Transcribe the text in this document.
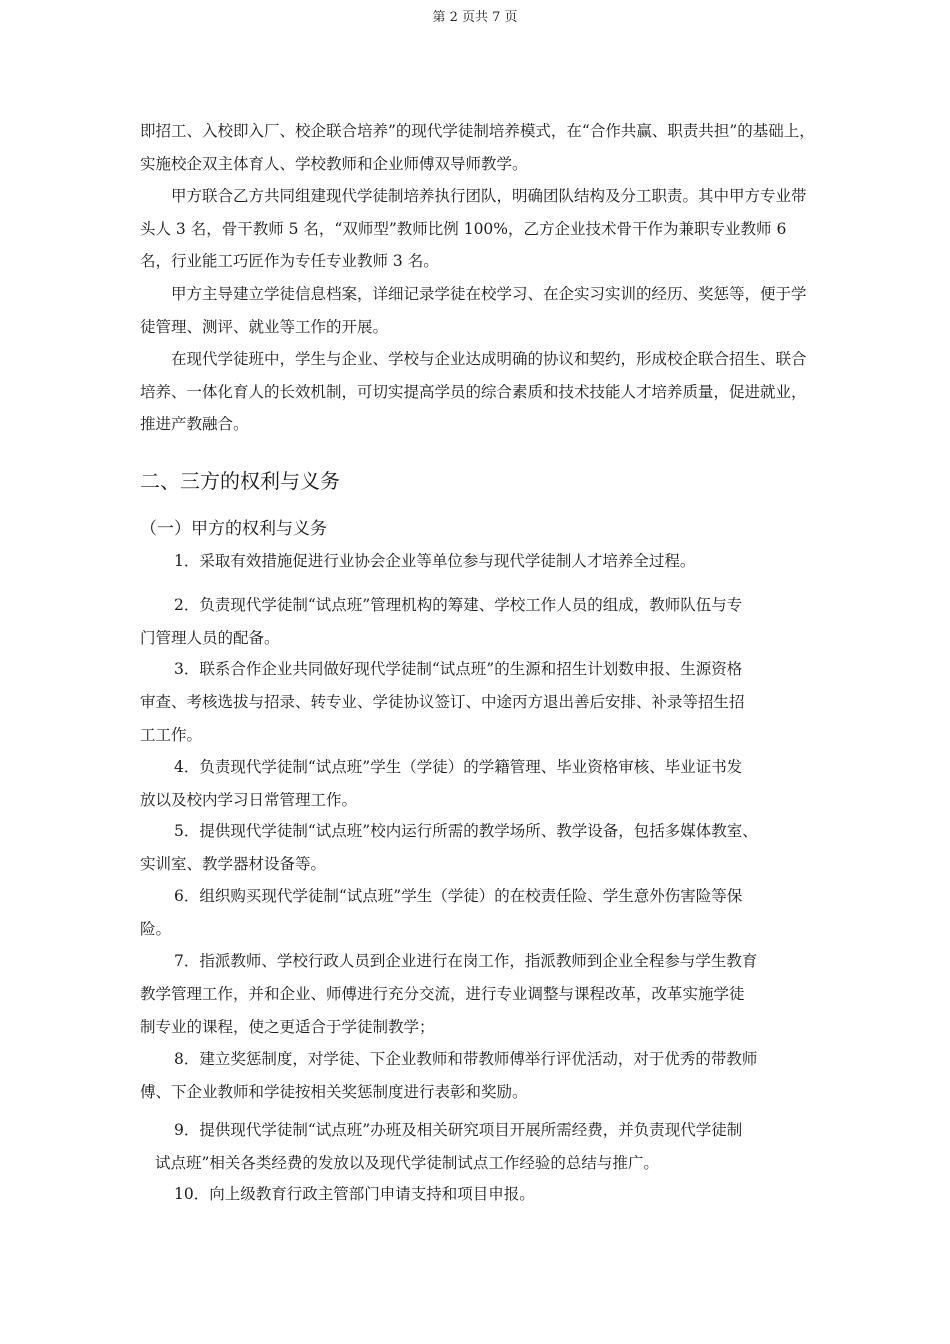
第 2 页共 7 页

即招工、入校即入厂、校企联合培养”的现代学徒制培养模式，在“合作共赢、职责共担”的基础上，实施校企双主体育人、学校教师和企业师傅双导师教学。

甲方联合乙方共同组建现代学徒制培养执行团队，明确团队结构及分工职责。其中甲方专业带头人 3 名，骨干教师 5 名，“双师型”教师比例 100%，乙方企业技术骨干作为兼职专业教师 6 名，行业能工巧匠作为专任专业教师 3 名。

甲方主导建立学徒信息档案，详细记录学徒在校学习、在企实习实训的经历、奖惩等，便于学徒管理、测评、就业等工作的开展。

在现代学徒班中，学生与企业、学校与企业达成明确的协议和契约，形成校企联合招生、联合培养、一体化育人的长效机制，可切实提高学员的综合素质和技术技能人才培养质量，促进就业，推进产教融合。

二、三方的权利与义务
（一）甲方的权利与义务
1．采取有效措施促进行业协会企业等单位参与现代学徒制人才培养全过程。
2．负责现代学徒制“试点班”管理机构的筹建、学校工作人员的组成，教师队伍与专
门管理人员的配备。
3．联系合作企业共同做好现代学徒制“试点班”的生源和招生计划数申报、生源资格
审查、考核选拔与招录、转专业、学徒协议签订、中途丙方退出善后安排、补录等招生招
工工作。
4．负责现代学徒制“试点班”学生（学徒）的学籍管理、毕业资格审核、毕业证书发
放以及校内学习日常管理工作。
5．提供现代学徒制“试点班”校内运行所需的教学场所、教学设备，包括多媒体教室、
实训室、教学器材设备等。
6．组织购买现代学徒制“试点班”学生（学徒）的在校责任险、学生意外伤害险等保
险。
7．指派教师、学校行政人员到企业进行在岗工作，指派教师到企业全程参与学生教育
教学管理工作，并和企业、师傅进行充分交流，进行专业调整与课程改革，改革实施学徒
制专业的课程，使之更适合于学徒制教学；
8．建立奖惩制度，对学徒、下企业教师和带教师傅举行评优活动，对于优秀的带教师
傅、下企业教师和学徒按相关奖惩制度进行表彰和奖励。
9．提供现代学徒制“试点班”办班及相关研究项目开展所需经费，并负责现代学徒制
试点班”相关各类经费的发放以及现代学徒制试点工作经验的总结与推广。
10．向上级教育行政主管部门申请支持和项目申报。
